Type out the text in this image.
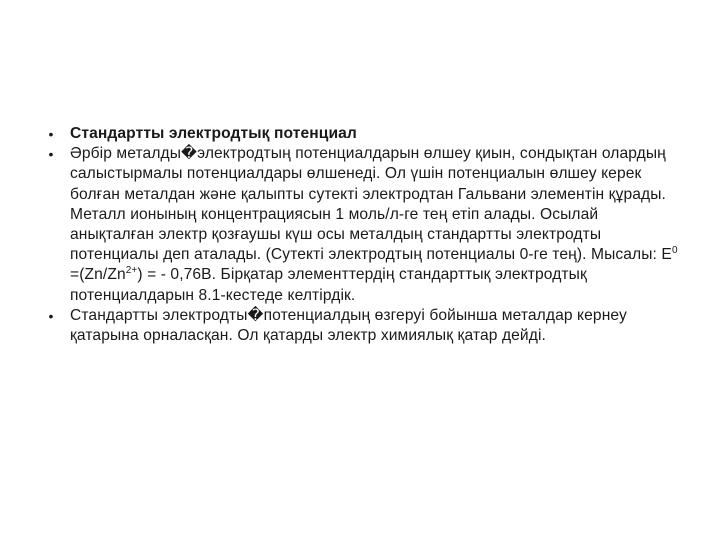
• Стандартты электродтық потенциал
• Әрбір металды�электродтың потенциалдарын өлшеу қиын, сондықтан олардың салыстырмалы потенциалдары өлшенеді. Ол үшін потенциалын өлшеу керек болған металдан және қалыпты сутекті электродтан Гальвани элементін құрады. Металл ионының концентрациясын 1 моль/л-ге тең етіп алады. Осылай анықталған электр қозғаушы күш осы металдың стандартты электродты потенциалы деп аталады. (Сутекті электродтың потенциалы 0-ге тең). Мысалы: $Е^0 =(Zn/Zn^{2+})$ = - 0,76В. Бірқатар элементтердің стандарттық электродтық потенциалдарын 8.1-кестеде келтірдік.
• Стандартты электродты�потенциалдың өзгеруі бойынша металдар кернеу қатарына орналасқан. Ол қатарды электр химиялық қатар дейді.
